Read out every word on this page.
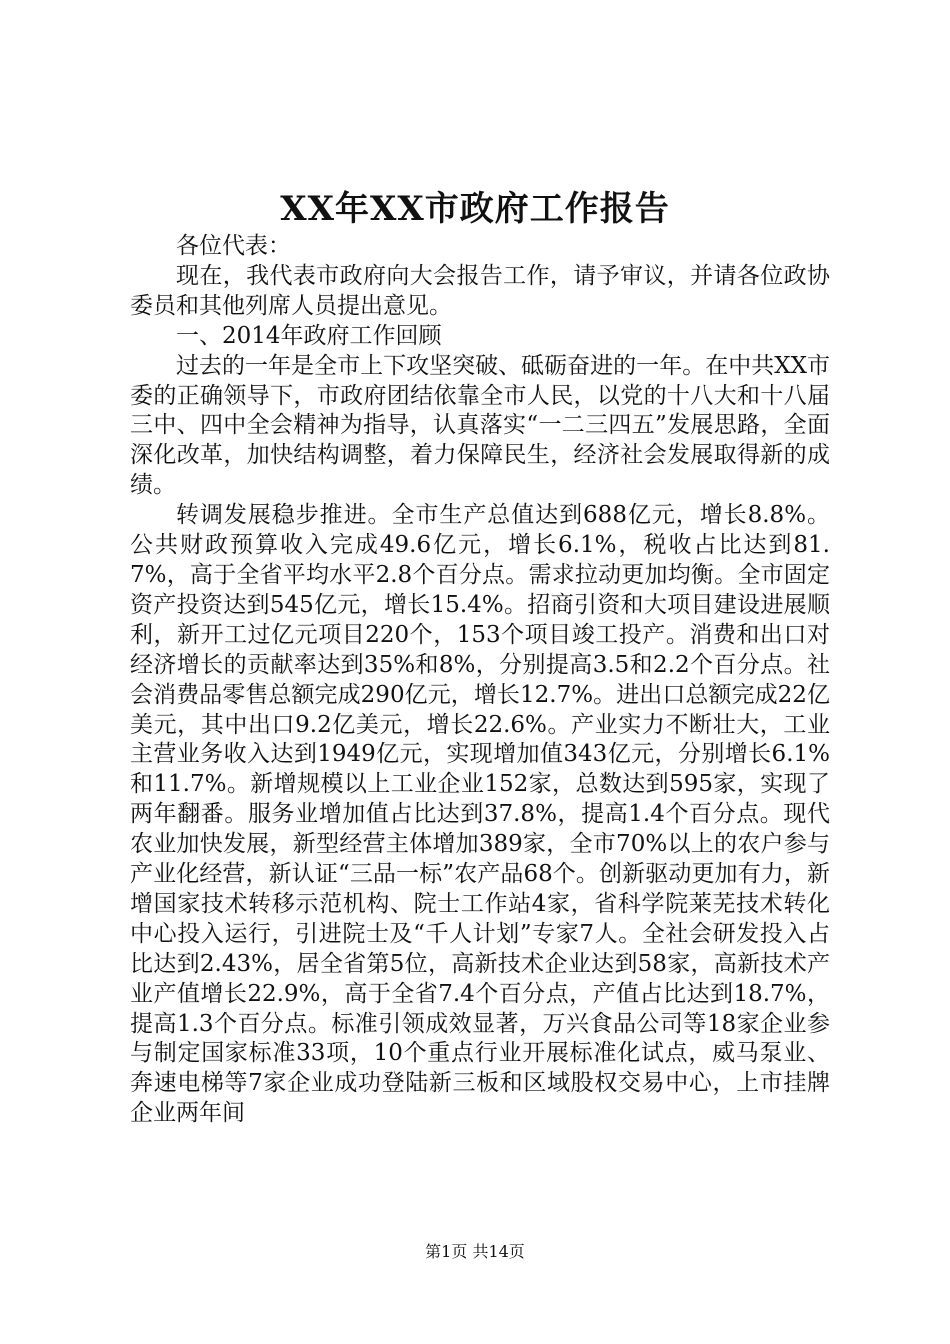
XX年XX市政府工作报告

各位代表：

现在，我代表市政府向大会报告工作，请予审议，并请各位政协委员和其他列席人员提出意见。

一、2014年政府工作回顾

过去的一年是全市上下攻坚突破、砥砺奋进的一年。在中共XX市委的正确领导下，市政府团结依靠全市人民，以党的十八大和十八届三中、四中全会精神为指导，认真落实“一二三四五”发展思路，全面深化改革，加快结构调整，着力保障民生，经济社会发展取得新的成绩。

转调发展稳步推进。全市生产总值达到688亿元，增长8.8%。公共财政预算收入完成49.6亿元，增长6.1%，税收占比达到81.7%，高于全省平均水平2.8个百分点。需求拉动更加均衡。全市固定资产投资达到545亿元，增长15.4%。招商引资和大项目建设进展顺利，新开工过亿元项目220个，153个项目竣工投产。消费和出口对经济增长的贡献率达到35%和8%，分别提高3.5和2.2个百分点。社会消费品零售总额完成290亿元，增长12.7%。进出口总额完成22亿美元，其中出口9.2亿美元，增长22.6%。产业实力不断壮大，工业主营业务收入达到1949亿元，实现增加值343亿元，分别增长6.1%和11.7%。新增规模以上工业企业152家，总数达到595家，实现了两年翻番。服务业增加值占比达到37.8%，提高1.4个百分点。现代农业加快发展，新型经营主体增加389家，全市70%以上的农户参与产业化经营，新认证“三品一标”农产品68个。创新驱动更加有力，新增国家技术转移示范机构、院士工作站4家，省科学院莱芜技术转化中心投入运行，引进院士及“千人计划”专家7人。全社会研发投入占比达到2.43%，居全省第5位，高新技术企业达到58家，高新技术产业产值增长22.9%，高于全省7.4个百分点，产值占比达到18.7%，提高1.3个百分点。标准引领成效显著，万兴食品公司等18家企业参与制定国家标准33项，10个重点行业开展标准化试点，威马泵业、奔速电梯等7家企业成功登陆新三板和区域股权交易中心，上市挂牌企业两年间

第1页 共14页
